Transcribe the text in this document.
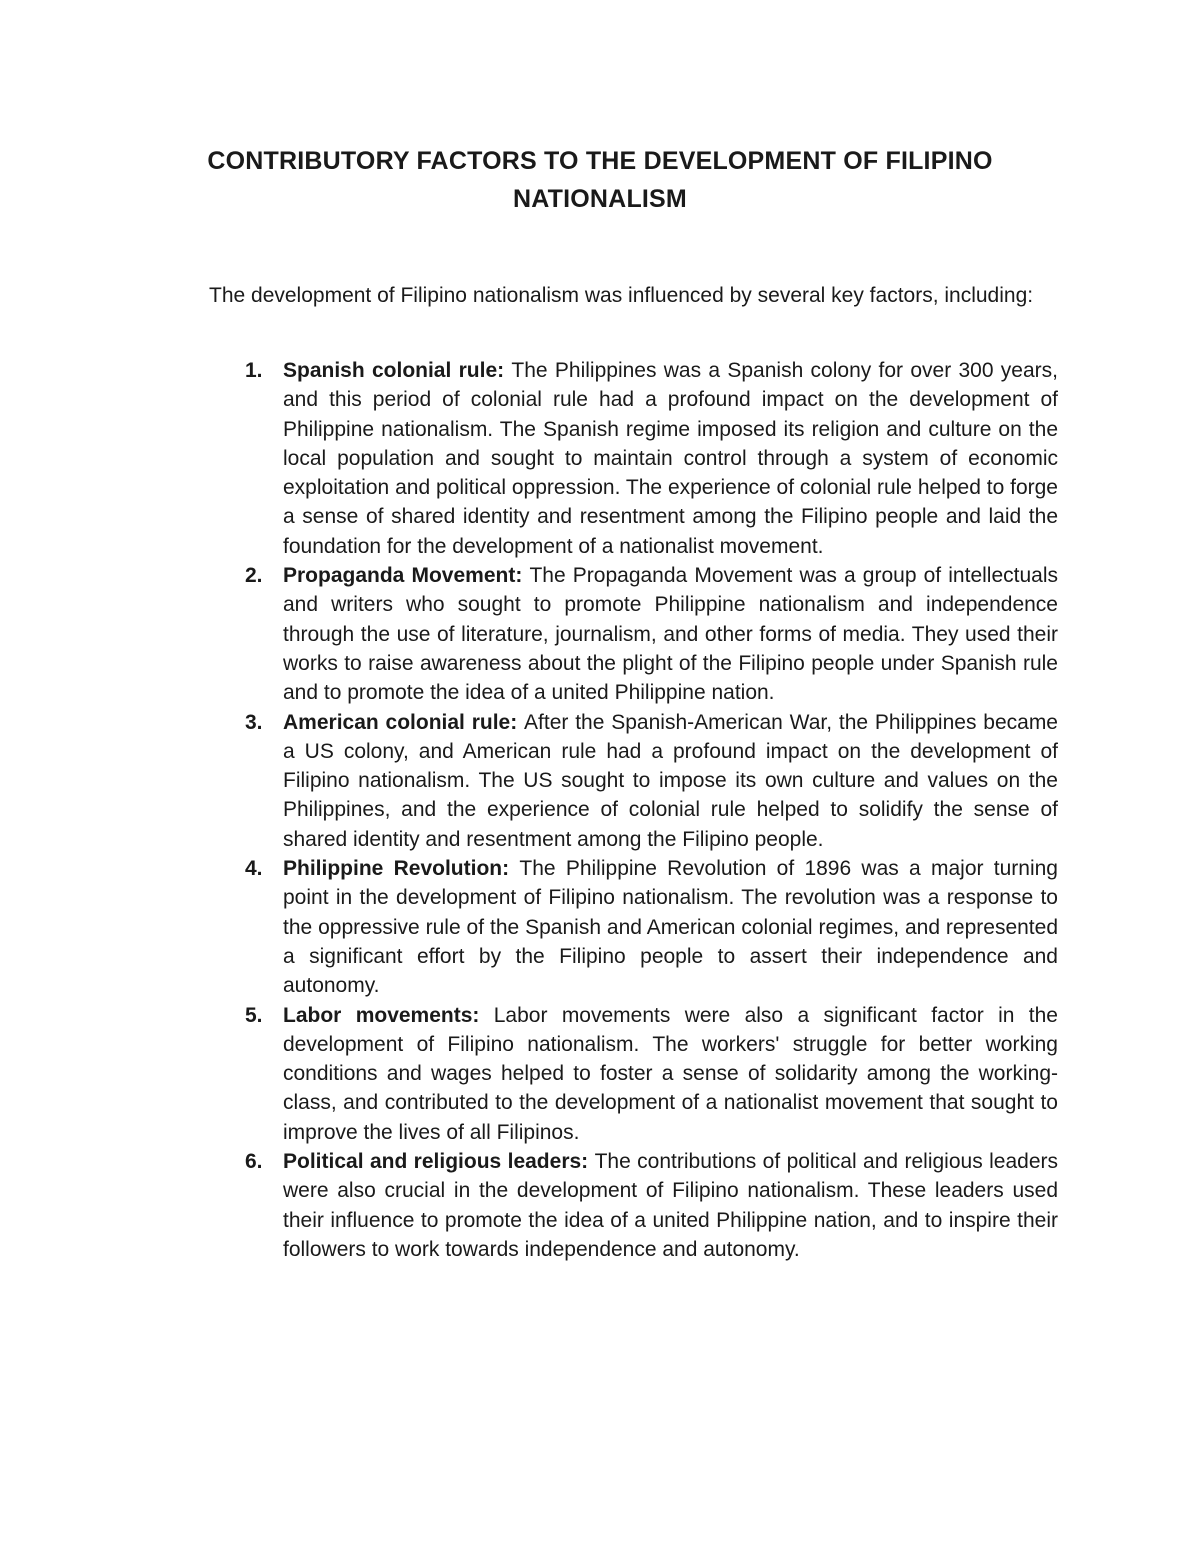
CONTRIBUTORY FACTORS TO THE DEVELOPMENT OF FILIPINO
NATIONALISM

The development of Filipino nationalism was influenced by several key factors, including:

1. Spanish colonial rule: The Philippines was a Spanish colony for over 300 years, and this period of colonial rule had a profound impact on the development of Philippine nationalism. The Spanish regime imposed its religion and culture on the local population and sought to maintain control through a system of economic exploitation and political oppression. The experience of colonial rule helped to forge a sense of shared identity and resentment among the Filipino people and laid the foundation for the development of a nationalist movement.
2. Propaganda Movement: The Propaganda Movement was a group of intellectuals and writers who sought to promote Philippine nationalism and independence through the use of literature, journalism, and other forms of media. They used their works to raise awareness about the plight of the Filipino people under Spanish rule and to promote the idea of a united Philippine nation.
3. American colonial rule: After the Spanish-American War, the Philippines became a US colony, and American rule had a profound impact on the development of Filipino nationalism. The US sought to impose its own culture and values on the Philippines, and the experience of colonial rule helped to solidify the sense of shared identity and resentment among the Filipino people.
4. Philippine Revolution: The Philippine Revolution of 1896 was a major turning point in the development of Filipino nationalism. The revolution was a response to the oppressive rule of the Spanish and American colonial regimes, and represented a significant effort by the Filipino people to assert their independence and autonomy.
5. Labor movements: Labor movements were also a significant factor in the development of Filipino nationalism. The workers' struggle for better working conditions and wages helped to foster a sense of solidarity among the working-class, and contributed to the development of a nationalist movement that sought to improve the lives of all Filipinos.
6. Political and religious leaders: The contributions of political and religious leaders were also crucial in the development of Filipino nationalism. These leaders used their influence to promote the idea of a united Philippine nation, and to inspire their followers to work towards independence and autonomy.
